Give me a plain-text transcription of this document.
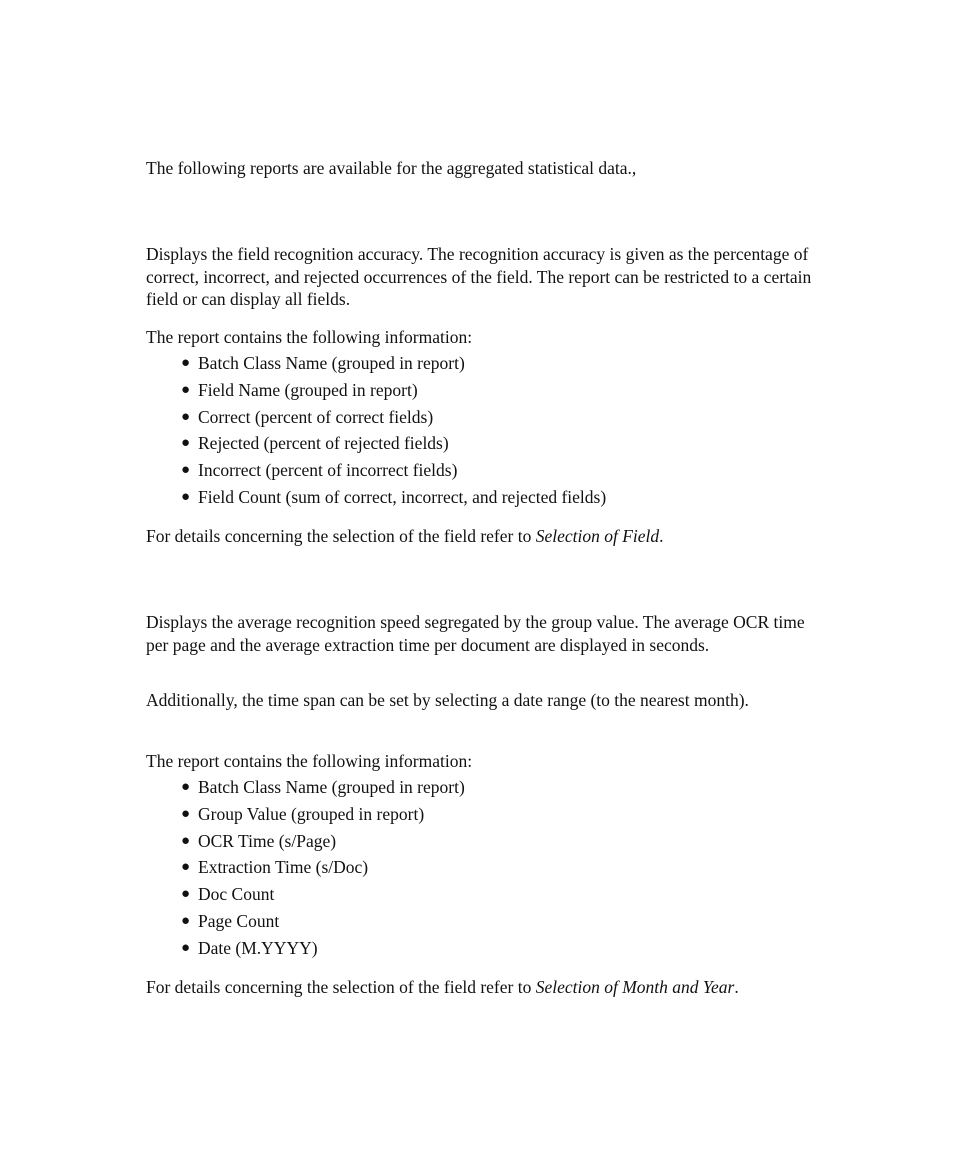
The following reports are available for the aggregated statistical data.,

Displays the field recognition accuracy. The recognition accuracy is given as the percentage of correct, incorrect, and rejected occurrences of the field. The report can be restricted to a certain field or can display all fields.

The report contains the following information:

● Batch Class Name (grouped in report)
● Field Name (grouped in report)
● Correct (percent of correct fields)
● Rejected (percent of rejected fields)
● Incorrect (percent of incorrect fields)
● Field Count (sum of correct, incorrect, and rejected fields)

For details concerning the selection of the field refer to Selection of Field.

Displays the average recognition speed segregated by the group value. The average OCR time per page and the average extraction time per document are displayed in seconds.

Additionally, the time span can be set by selecting a date range (to the nearest month).

The report contains the following information:

● Batch Class Name (grouped in report)
● Group Value (grouped in report)
● OCR Time (s/Page)
● Extraction Time (s/Doc)
● Doc Count
● Page Count
● Date (M.YYYY)

For details concerning the selection of the field refer to Selection of Month and Year.
